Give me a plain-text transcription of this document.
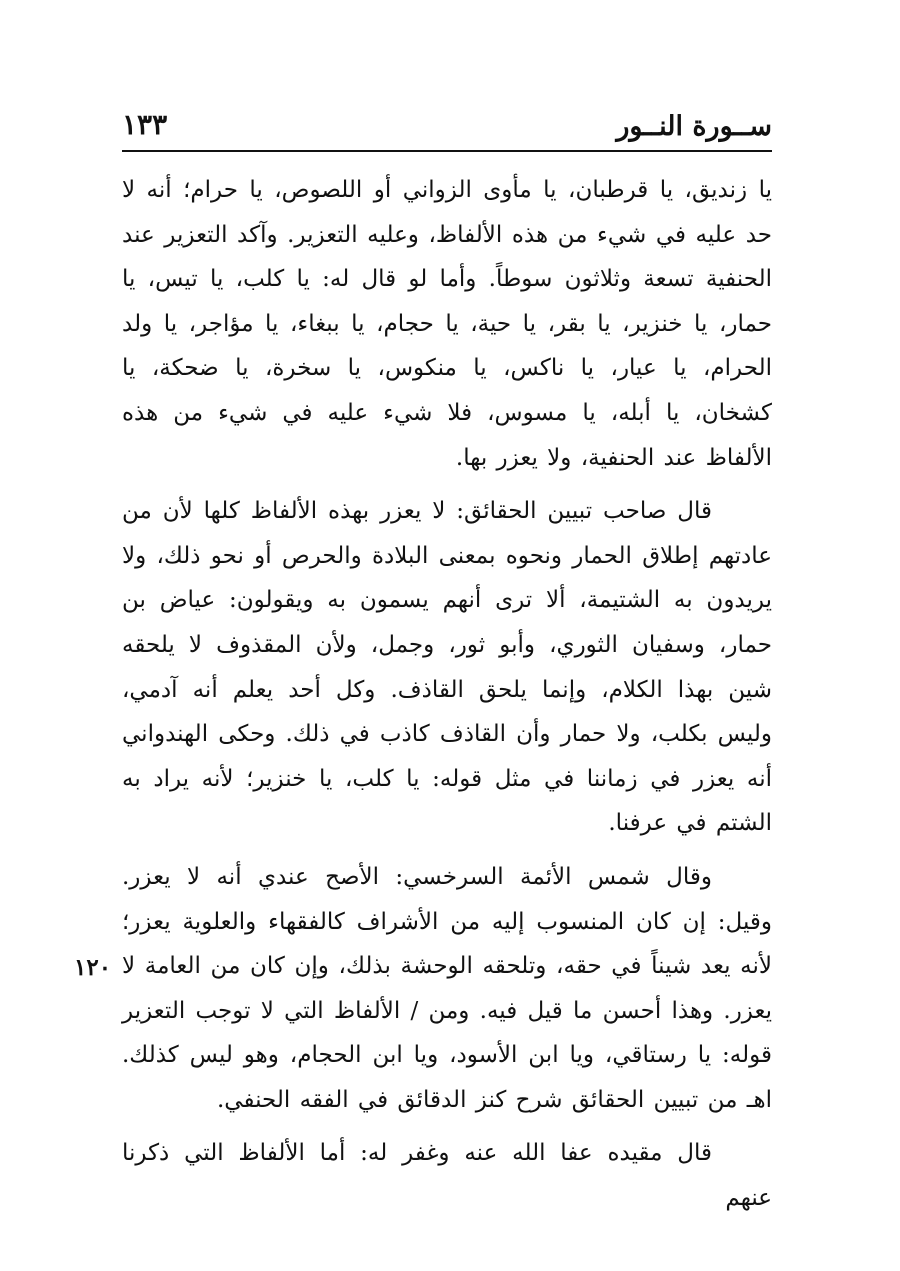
ســورة النــور
١٣٣

يا زنديق، يا قرطبان، يا مأوى الزواني أو اللصوص، يا حرام؛ أنه لا حد عليه في شيء من هذه الألفاظ، وعليه التعزير. وآكد التعزير عند الحنفية تسعة وثلاثون سوطاً. وأما لو قال له: يا كلب، يا تيس، يا حمار، يا خنزير، يا بقر، يا حية، يا حجام، يا ببغاء، يا مؤاجر، يا ولد الحرام، يا عيار، يا ناكس، يا منكوس، يا سخرة، يا ضحكة، يا كشخان، يا أبله، يا مسوس، فلا شيء عليه في شيء من هذه الألفاظ عند الحنفية، ولا يعزر بها.

قال صاحب تبيين الحقائق: لا يعزر بهذه الألفاظ كلها لأن من عادتهم إطلاق الحمار ونحوه بمعنى البلادة والحرص أو نحو ذلك، ولا يريدون به الشتيمة، ألا ترى أنهم يسمون به ويقولون: عياض بن حمار، وسفيان الثوري، وأبو ثور، وجمل، ولأن المقذوف لا يلحقه شين بهذا الكلام، وإنما يلحق القاذف. وكل أحد يعلم أنه آدمي، وليس بكلب، ولا حمار وأن القاذف كاذب في ذلك. وحكى الهندواني أنه يعزر في زماننا في مثل قوله: يا كلب، يا خنزير؛ لأنه يراد به الشتم في عرفنا.

وقال شمس الأئمة السرخسي: الأصح عندي أنه لا يعزر. وقيل: إن كان المنسوب إليه من الأشراف كالفقهاء والعلوية يعزر؛ لأنه يعد شيناً في حقه، وتلحقه الوحشة بذلك، وإن كان من العامة لا يعزر. وهذا أحسن ما قيل فيه. ومن / الألفاظ التي لا توجب التعزير قوله: يا رستاقي، ويا ابن الأسود، ويا ابن الحجام، وهو ليس كذلك. اهـ من تبيين الحقائق شرح كنز الدقائق في الفقه الحنفي.

قال مقيده عفا الله عنه وغفر له: أما الألفاظ التي ذكرنا عنهم

١٢٠
